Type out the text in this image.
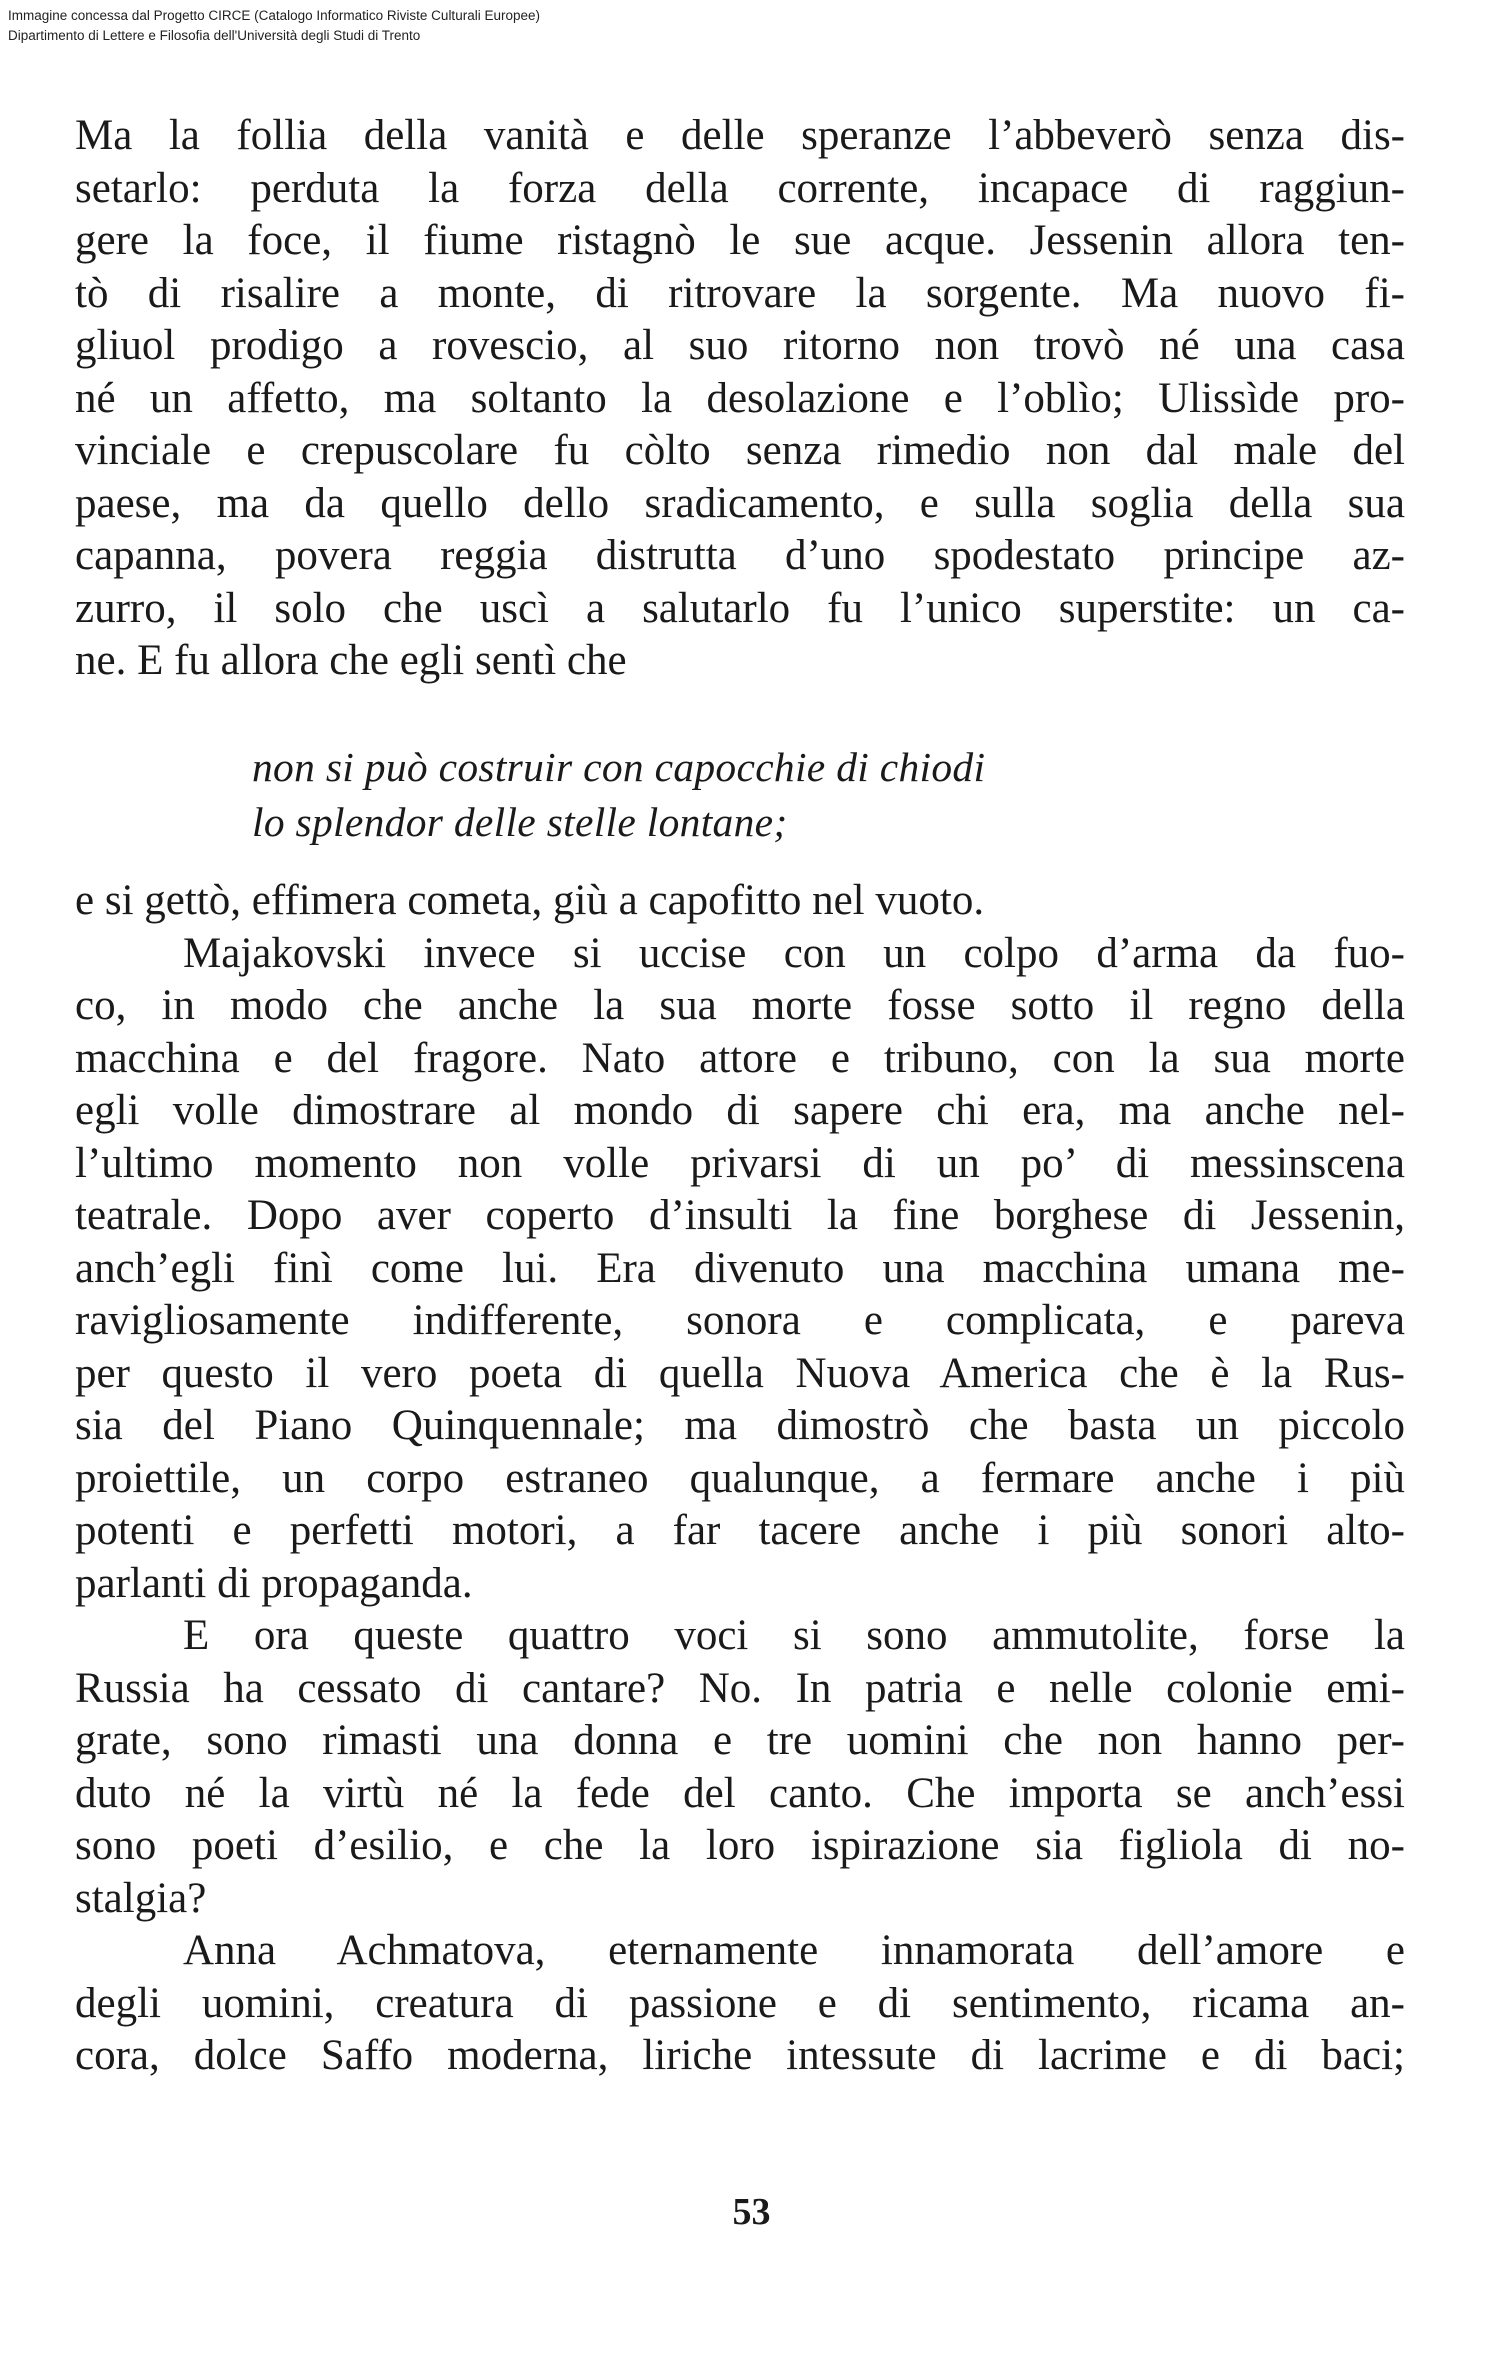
Immagine concessa dal Progetto CIRCE (Catalogo Informatico Riviste Culturali Europee)
Dipartimento di Lettere e Filosofia dell'Università degli Studi di Trento
Ma la follia della vanità e delle speranze l’abbeverò senza dis-
setarlo: perduta la forza della corrente, incapace di raggiun-
gere la foce, il fiume ristagnò le sue acque. Jessenin allora ten-
tò di risalire a monte, di ritrovare la sorgente. Ma nuovo fi-
gliuol prodigo a rovescio, al suo ritorno non trovò né una casa
né un affetto, ma soltanto la desolazione e l’oblìo; Ulissìde pro-
vinciale e crepuscolare fu còlto senza rimedio non dal male del
paese, ma da quello dello sradicamento, e sulla soglia della sua
capanna, povera reggia distrutta d’uno spodestato principe az-
zurro, il solo che uscì a salutarlo fu l’unico superstite: un ca-
ne. E fu allora che egli sentì che
non si può costruir con capocchie di chiodi
lo splendor delle stelle lontane;
e si gettò, effimera cometa, giù a capofitto nel vuoto.
Majakovski invece si uccise con un colpo d’arma da fuo-
co, in modo che anche la sua morte fosse sotto il regno della
macchina e del fragore. Nato attore e tribuno, con la sua morte
egli volle dimostrare al mondo di sapere chi era, ma anche nel-
l’ultimo momento non volle privarsi di un po’ di messinscena
teatrale. Dopo aver coperto d’insulti la fine borghese di Jessenin,
anch’egli finì come lui. Era divenuto una macchina umana me-
ravigliosamente indifferente, sonora e complicata, e pareva
per questo il vero poeta di quella Nuova America che è la Rus-
sia del Piano Quinquennale; ma dimostrò che basta un piccolo
proiettile, un corpo estraneo qualunque, a fermare anche i più
potenti e perfetti motori, a far tacere anche i più sonori alto-
parlanti di propaganda.
E ora queste quattro voci si sono ammutolite, forse la
Russia ha cessato di cantare? No. In patria e nelle colonie emi-
grate, sono rimasti una donna e tre uomini che non hanno per-
duto né la virtù né la fede del canto. Che importa se anch’essi
sono poeti d’esilio, e che la loro ispirazione sia figliola di no-
stalgia?
Anna Achmatova, eternamente innamorata dell’amore e
degli uomini, creatura di passione e di sentimento, ricama an-
cora, dolce Saffo moderna, liriche intessute di lacrime e di baci;
53
